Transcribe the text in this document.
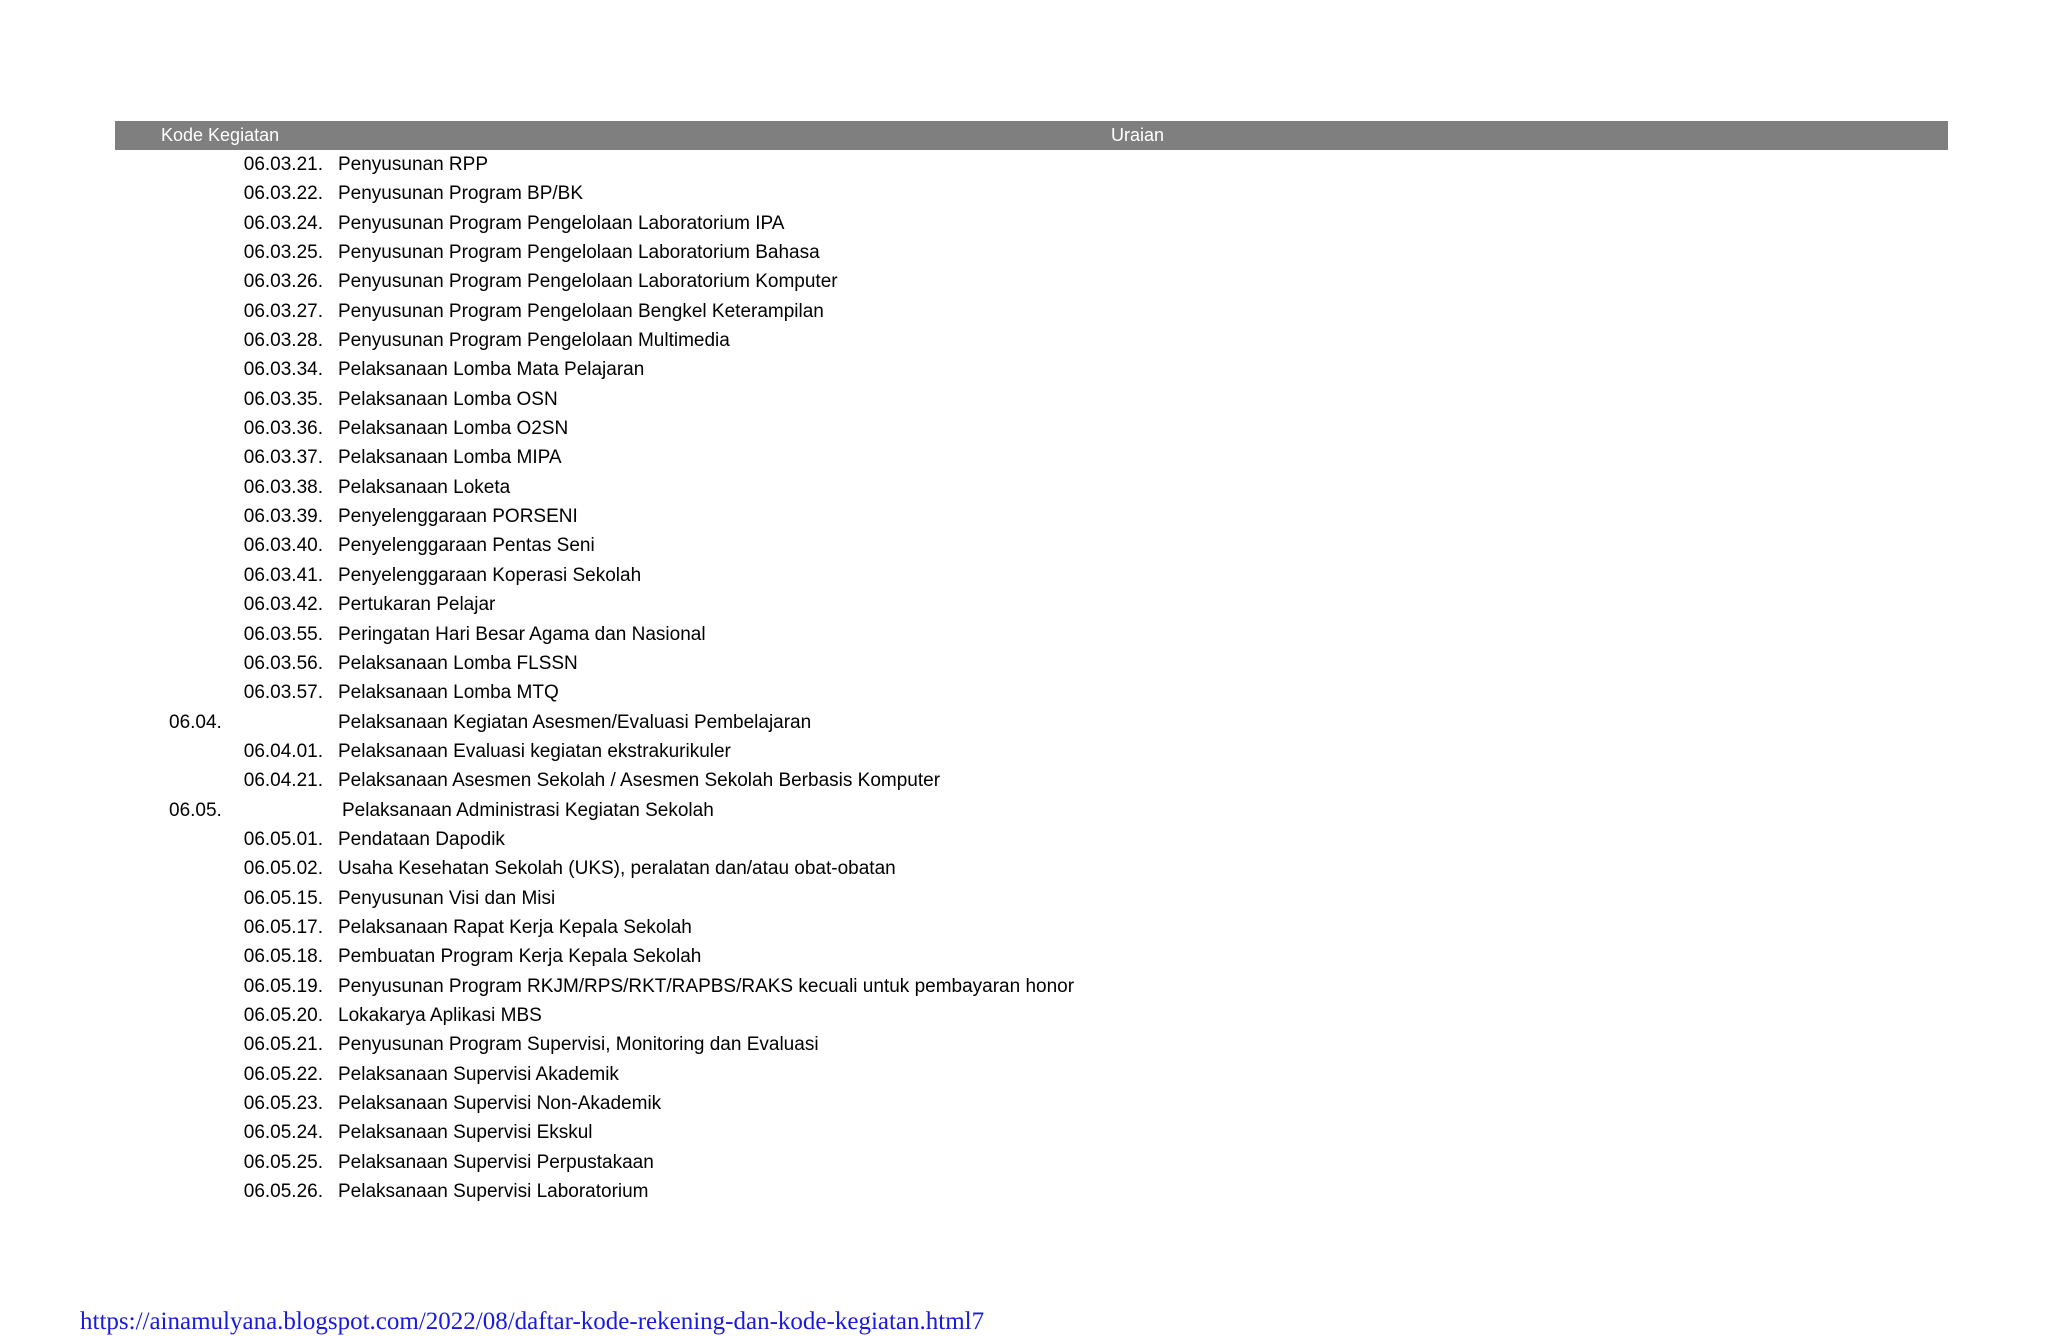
Kode Kegiatan	Uraian
06.03.21. Penyusunan RPP
06.03.22. Penyusunan Program BP/BK
06.03.24. Penyusunan Program Pengelolaan Laboratorium IPA
06.03.25. Penyusunan Program Pengelolaan Laboratorium Bahasa
06.03.26. Penyusunan Program Pengelolaan Laboratorium Komputer
06.03.27. Penyusunan Program Pengelolaan Bengkel Keterampilan
06.03.28. Penyusunan Program Pengelolaan Multimedia
06.03.34. Pelaksanaan Lomba Mata Pelajaran
06.03.35. Pelaksanaan Lomba OSN
06.03.36. Pelaksanaan Lomba O2SN
06.03.37. Pelaksanaan Lomba MIPA
06.03.38. Pelaksanaan Loketa
06.03.39. Penyelenggaraan PORSENI
06.03.40. Penyelenggaraan Pentas Seni
06.03.41. Penyelenggaraan Koperasi Sekolah
06.03.42. Pertukaran Pelajar
06.03.55. Peringatan Hari Besar Agama dan Nasional
06.03.56. Pelaksanaan Lomba FLSSN
06.03.57. Pelaksanaan Lomba MTQ
06.04.	Pelaksanaan Kegiatan Asesmen/Evaluasi Pembelajaran
06.04.01. Pelaksanaan Evaluasi kegiatan ekstrakurikuler
06.04.21. Pelaksanaan Asesmen Sekolah / Asesmen Sekolah Berbasis Komputer
06.05.	Pelaksanaan Administrasi Kegiatan Sekolah
06.05.01. Pendataan Dapodik
06.05.02. Usaha Kesehatan Sekolah (UKS), peralatan dan/atau obat-obatan
06.05.15. Penyusunan Visi dan Misi
06.05.17. Pelaksanaan Rapat Kerja Kepala Sekolah
06.05.18. Pembuatan Program Kerja Kepala Sekolah
06.05.19. Penyusunan Program RKJM/RPS/RKT/RAPBS/RAKS kecuali untuk pembayaran honor
06.05.20. Lokakarya Aplikasi MBS
06.05.21. Penyusunan Program Supervisi, Monitoring dan Evaluasi
06.05.22. Pelaksanaan Supervisi Akademik
06.05.23. Pelaksanaan Supervisi Non-Akademik
06.05.24. Pelaksanaan Supervisi Ekskul
06.05.25. Pelaksanaan Supervisi Perpustakaan
06.05.26. Pelaksanaan Supervisi Laboratorium
https://ainamulyana.blogspot.com/2022/08/daftar-kode-rekening-dan-kode-kegiatan.html7
